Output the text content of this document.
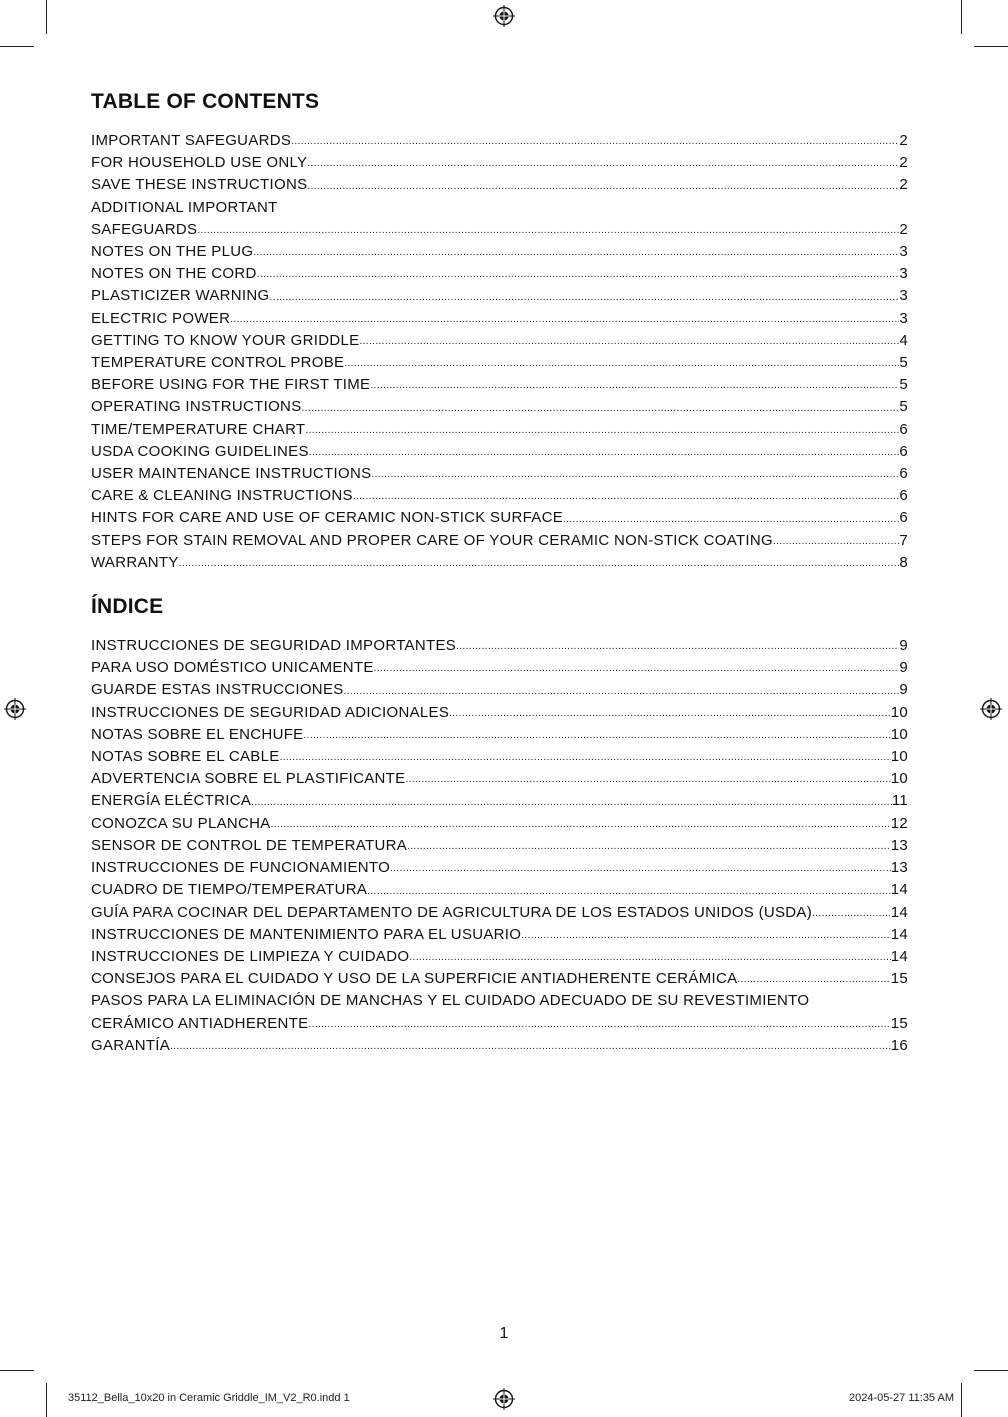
TABLE OF CONTENTS
IMPORTANT SAFEGUARDS .....	2
FOR HOUSEHOLD USE ONLY .....	2
SAVE THESE INSTRUCTIONS .....	2
ADDITIONAL IMPORTANT
SAFEGUARDS .....	2
NOTES ON THE PLUG .....	3
NOTES ON THE CORD .....	3
PLASTICIZER WARNING .....	3
ELECTRIC POWER .....	3
GETTING TO KNOW YOUR GRIDDLE .....	4
TEMPERATURE CONTROL PROBE .....	5
BEFORE USING FOR THE FIRST TIME .....	5
OPERATING INSTRUCTIONS .....	5
TIME/TEMPERATURE CHART .....	6
USDA COOKING GUIDELINES .....	6
USER MAINTENANCE INSTRUCTIONS .....	6
CARE & CLEANING INSTRUCTIONS .....	6
HINTS FOR CARE AND USE OF CERAMIC NON-STICK SURFACE .....	6
STEPS FOR STAIN REMOVAL AND PROPER CARE OF YOUR CERAMIC NON-STICK COATING .....	7
WARRANTY .....	8
ÍNDICE
INSTRUCCIONES DE SEGURIDAD IMPORTANTES .....	9
PARA USO DOMÉSTICO UNICAMENTE .....	9
GUARDE ESTAS INSTRUCCIONES .....	9
INSTRUCCIONES DE SEGURIDAD ADICIONALES .....	10
NOTAS SOBRE EL ENCHUFE .....	10
NOTAS SOBRE EL CABLE .....	10
ADVERTENCIA SOBRE EL PLASTIFICANTE .....	10
ENERGÍA ELÉCTRICA .....	11
CONOZCA SU PLANCHA .....	12
SENSOR DE CONTROL DE TEMPERATURA .....	13
INSTRUCCIONES DE FUNCIONAMIENTO .....	13
CUADRO DE TIEMPO/TEMPERATURA .....	14
GUÍA PARA COCINAR DEL DEPARTAMENTO DE AGRICULTURA DE LOS ESTADOS UNIDOS (USDA) .....	14
INSTRUCCIONES DE MANTENIMIENTO PARA EL USUARIO .....	14
INSTRUCCIONES DE LIMPIEZA Y CUIDADO .....	14
CONSEJOS PARA EL CUIDADO Y USO DE LA SUPERFICIE ANTIADHERENTE CERÁMICA .....	15
PASOS PARA LA ELIMINACIÓN DE MANCHAS Y EL CUIDADO ADECUADO DE SU REVESTIMIENTO
CERÁMICO ANTIADHERENTE .....	15
GARANTÍA .....	16
1
35112_Bella_10x20 in Ceramic Griddle_IM_V2_R0.indd 1	2024-05-27 11:35 AM
